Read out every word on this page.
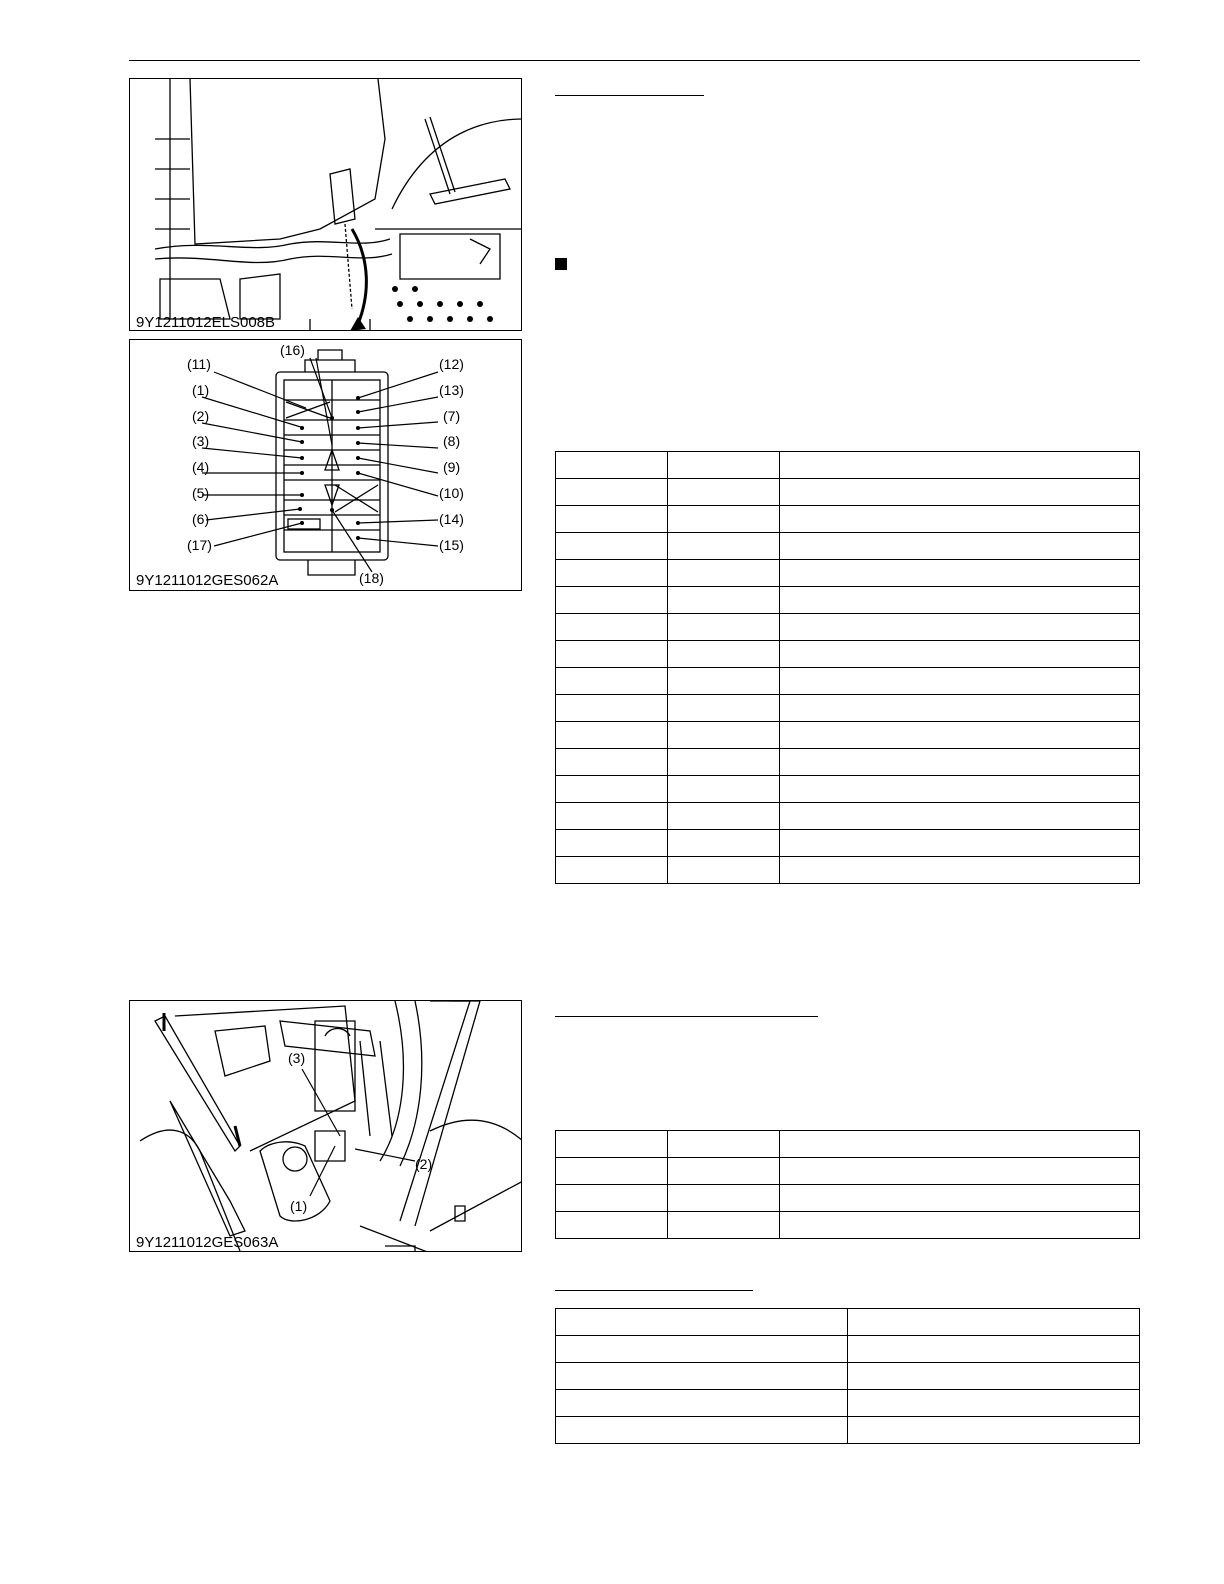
9Y1211012ELS008B
(11)
(1)
(2)
(3)
(4)
(5)
(6)
(17)
(16)
(12)
(13)
(7)
(8)
(9)
(10)
(14)
(15)
(18)
9Y1211012GES062A
(3)
(1)
(2)
9Y1211012GES063A
